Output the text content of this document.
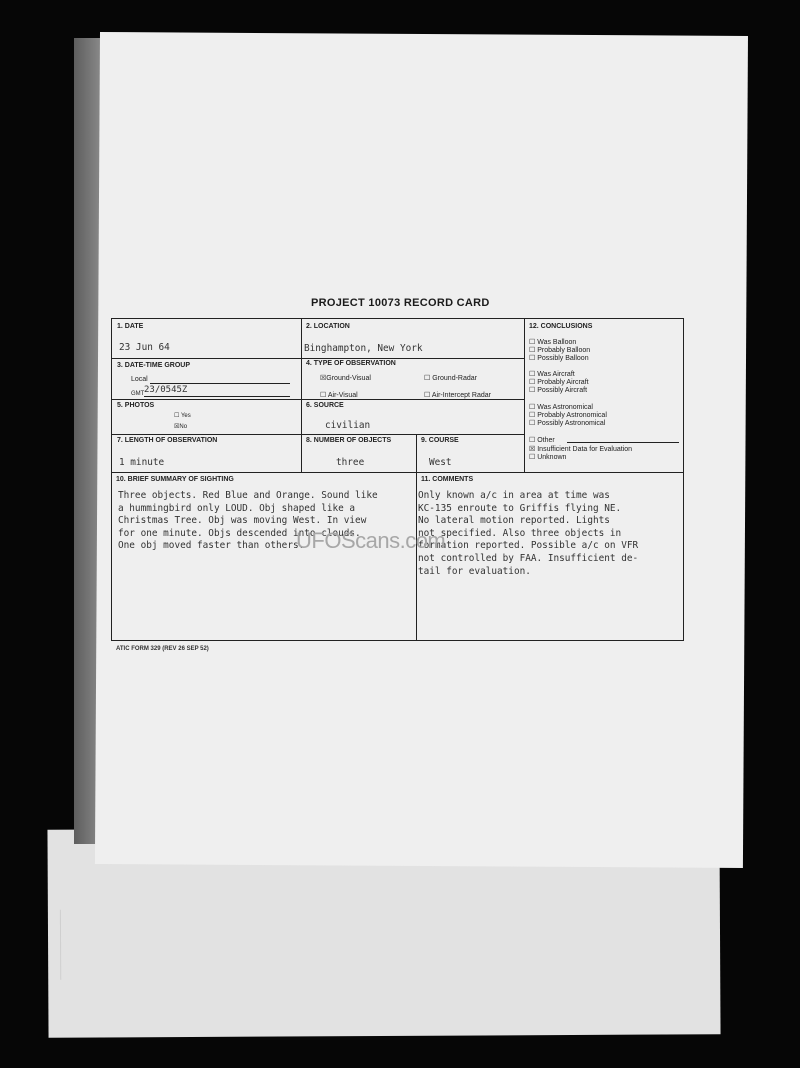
PROJECT 10073 RECORD CARD
1. DATE
23 Jun 64
2. LOCATION
Binghampton, New York
3. DATE-TIME GROUP
Local
GMT 23/0545Z
4. TYPE OF OBSERVATION
☒Ground-Visual	☐ Ground-Radar
☐ Air-Visual	☐ Air-Intercept Radar
5. PHOTOS
☐ Yes
☒No
6. SOURCE
civilian
7. LENGTH OF OBSERVATION
1 minute
8. NUMBER OF OBJECTS
three
9. COURSE
West
10. BRIEF SUMMARY OF SIGHTING
Three objects. Red Blue and Orange. Sound like
a hummingbird only LOUD. Obj shaped like a
Christmas Tree. Obj was moving West. In view
for one minute. Objs descended into clouds.
One obj moved faster than others.
11. COMMENTS
Only known a/c in area at time was
KC-135 enroute to Griffis flying NE.
No lateral motion reported. Lights
not specified. Also three objects in
formation reported. Possible a/c on VFR
not controlled by FAA. Insufficient de-
tail for evaluation.
12. CONCLUSIONS
☐ Was Balloon
☐ Probably Balloon
☐ Possibly Balloon
☐ Was Aircraft
☐ Probably Aircraft
☐ Possibly Aircraft
☐ Was Astronomical
☐ Probably Astronomical
☐ Possibly Astronomical
☐ Other
☒ Insufficient Data for Evaluation
☐ Unknown
UFOScans.com
ATIC FORM 329 (REV 26 SEP 52)
